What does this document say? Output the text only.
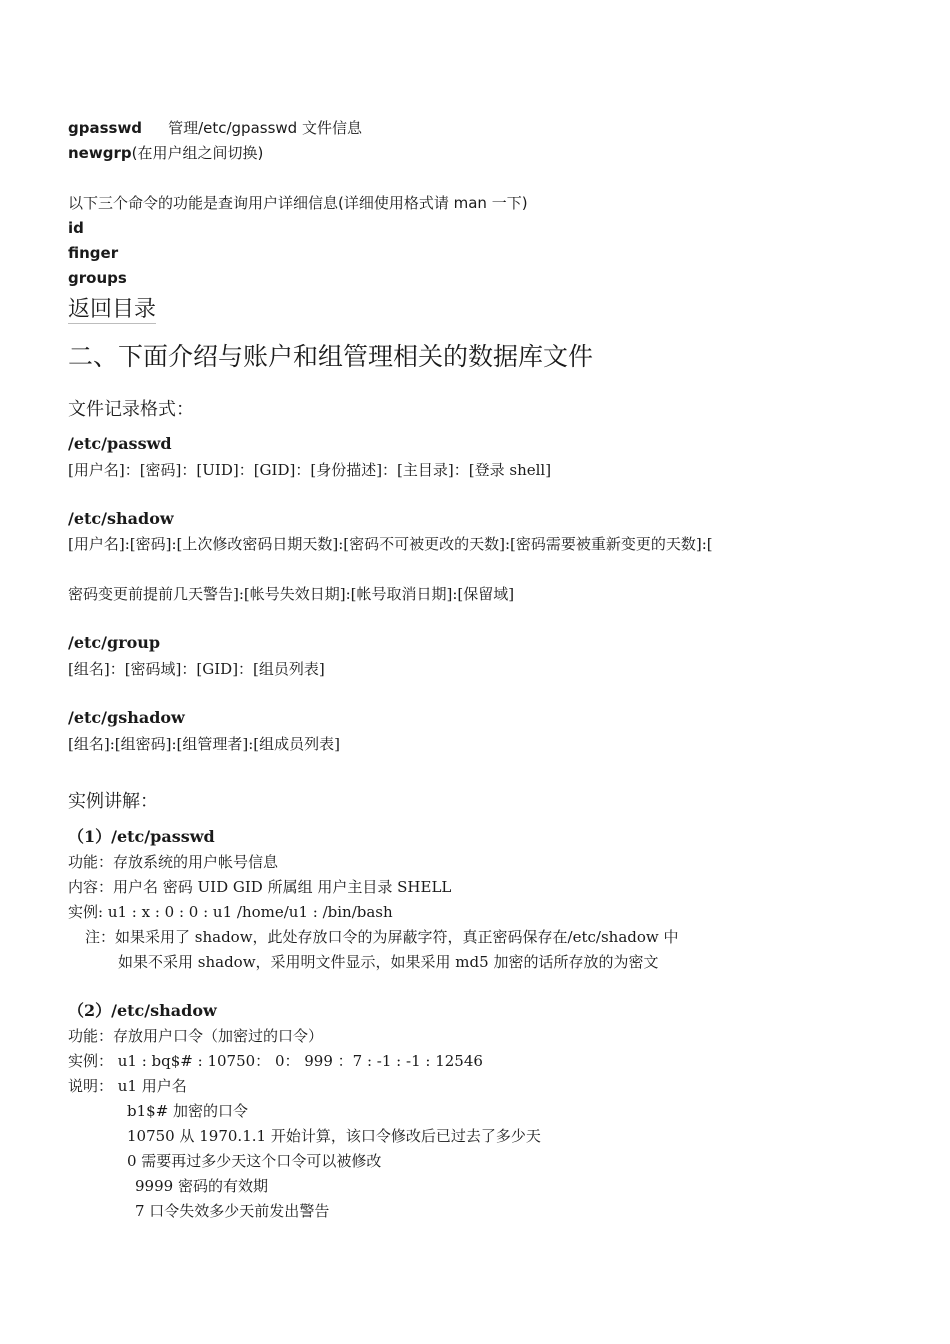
gpasswd 管理/etc/gpasswd 文件信息
newgrp(在用户组之间切换)
以下三个命令的功能是查询用户详细信息(详细使用格式请 man 一下)
id
finger
groups
返回目录
二、下面介绍与账户和组管理相关的数据库文件
文件记录格式：
/etc/passwd
[用户名]：[密码]：[UID]：[GID]：[身份描述]：[主目录]：[登录 shell]
/etc/shadow
[用户名]:[密码]:[上次修改密码日期天数]:[密码不可被更改的天数]:[密码需要被重新变更的天数]:[
密码变更前提前几天警告]:[帐号失效日期]:[帐号取消日期]:[保留域]
/etc/group
[组名]：[密码域]：[GID]：[组员列表]
/etc/gshadow
[组名]:[组密码]:[组管理者]:[组成员列表]
实例讲解：
（1）/etc/passwd
功能：存放系统的用户帐号信息
内容：用户名 密码 UID GID 所属组 用户主目录 SHELL
实例: u1 : x : 0 : 0 : u1 /home/u1 : /bin/bash
注：如果采用了 shadow，此处存放口令的为屏蔽字符，真正密码保存在/etc/shadow 中
如果不采用 shadow，采用明文件显示，如果采用 md5 加密的话所存放的为密文
（2）/etc/shadow
功能：存放用户口令（加密过的口令）
实例： u1 : bq$# : 10750： 0： 999 ：7 : -1 : -1 : 12546
说明： u1 用户名
b1$# 加密的口令
10750 从 1970.1.1 开始计算，该口令修改后已过去了多少天
0 需要再过多少天这个口令可以被修改
9999 密码的有效期
7 口令失效多少天前发出警告
